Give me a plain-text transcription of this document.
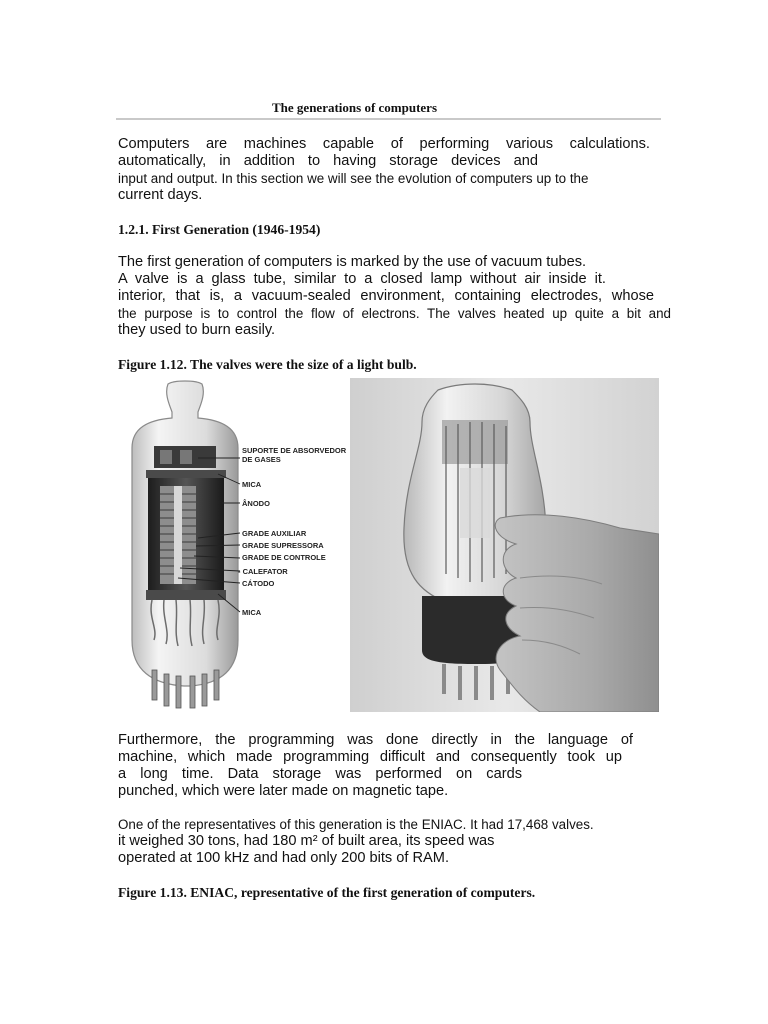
The generations of computers
Computers are machines capable of performing various calculations.
automatically, in addition to having storage devices and
input and output. In this section we will see the evolution of computers up to the
current days.
1.2.1. First Generation (1946-1954)
The first generation of computers is marked by the use of vacuum tubes.
A valve is a glass tube, similar to a closed lamp without air inside it.
interior, that is, a vacuum-sealed environment, containing electrodes, whose
the purpose is to control the flow of electrons. The valves heated up quite a bit and
they used to burn easily.
Figure 1.12. The valves were the size of a light bulb.
SUPORTE DE ABSORVEDOR
DE GASES
MICA
ÂNODO
GRADE AUXILIAR
GRADE SUPRESSORA
GRADE DE CONTROLE
- CALEFATOR
CÁTODO
MICA
Furthermore, the programming was done directly in the language of
machine, which made programming difficult and consequently took up
a long time. Data storage was performed on cards
punched, which were later made on magnetic tape.
One of the representatives of this generation is the ENIAC. It had 17,468 valves.
it weighed 30 tons, had 180 m² of built area, its speed was
operated at 100 kHz and had only 200 bits of RAM.
Figure 1.13. ENIAC, representative of the first generation of computers.
